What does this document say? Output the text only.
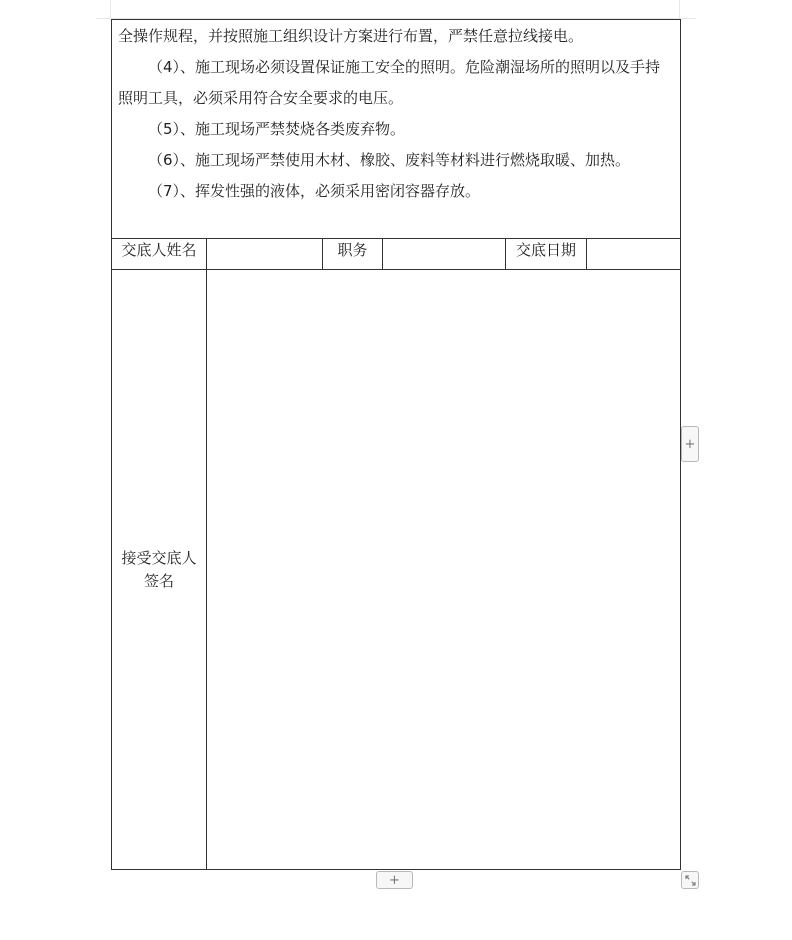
全操作规程，并按照施工组织设计方案进行布置，严禁任意拉线接电。

（4）、施工现场必须设置保证施工安全的照明。危险潮湿场所的照明以及手持照明工具，必须采用符合安全要求的电压。

（5）、施工现场严禁焚烧各类废弃物。

（6）、施工现场严禁使用木材、橡胶、废料等材料进行燃烧取暖、加热。

（7）、挥发性强的液体，必须采用密闭容器存放。					

交底人姓名		职务		交底日期	
接受交底人
签名					
+
+
